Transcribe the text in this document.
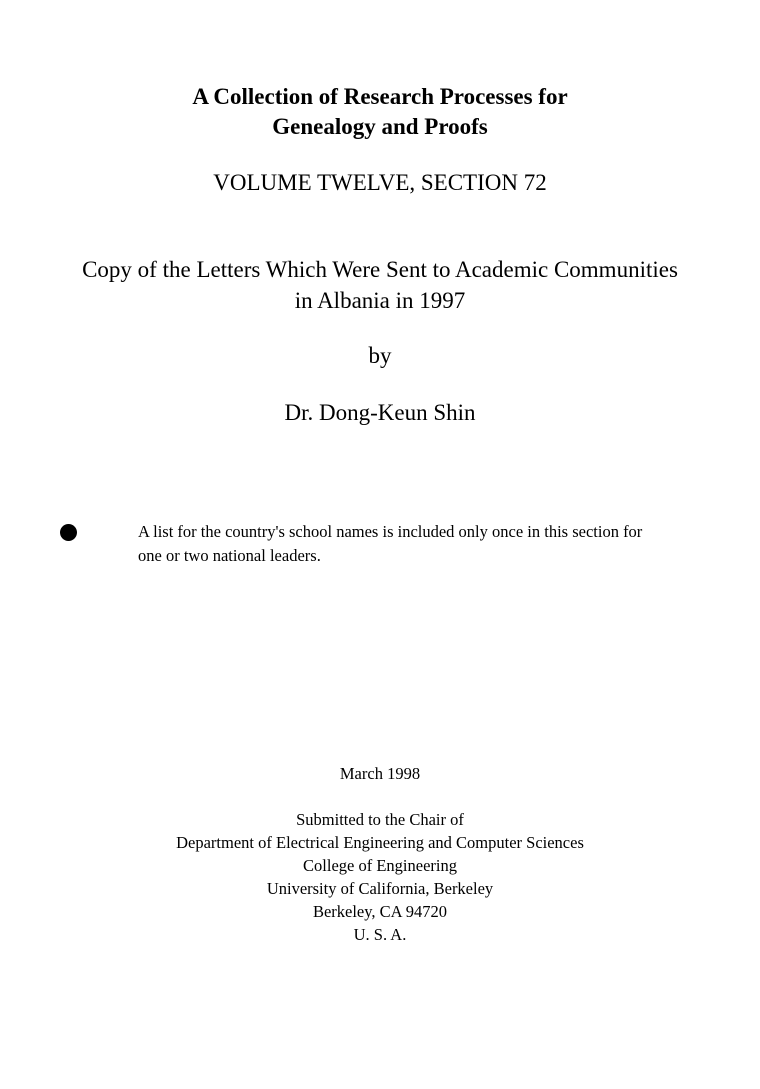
A Collection of Research Processes for
Genealogy and Proofs
VOLUME TWELVE, SECTION 72
Copy of the Letters Which Were Sent to Academic Communities
in Albania in 1997
by
Dr. Dong-Keun Shin
A list for the country's school names is included only once in this section for
one or two national leaders.
March 1998
Submitted to the Chair of
Department of Electrical Engineering and Computer Sciences
College of Engineering
University of California, Berkeley
Berkeley, CA 94720
U. S. A.
